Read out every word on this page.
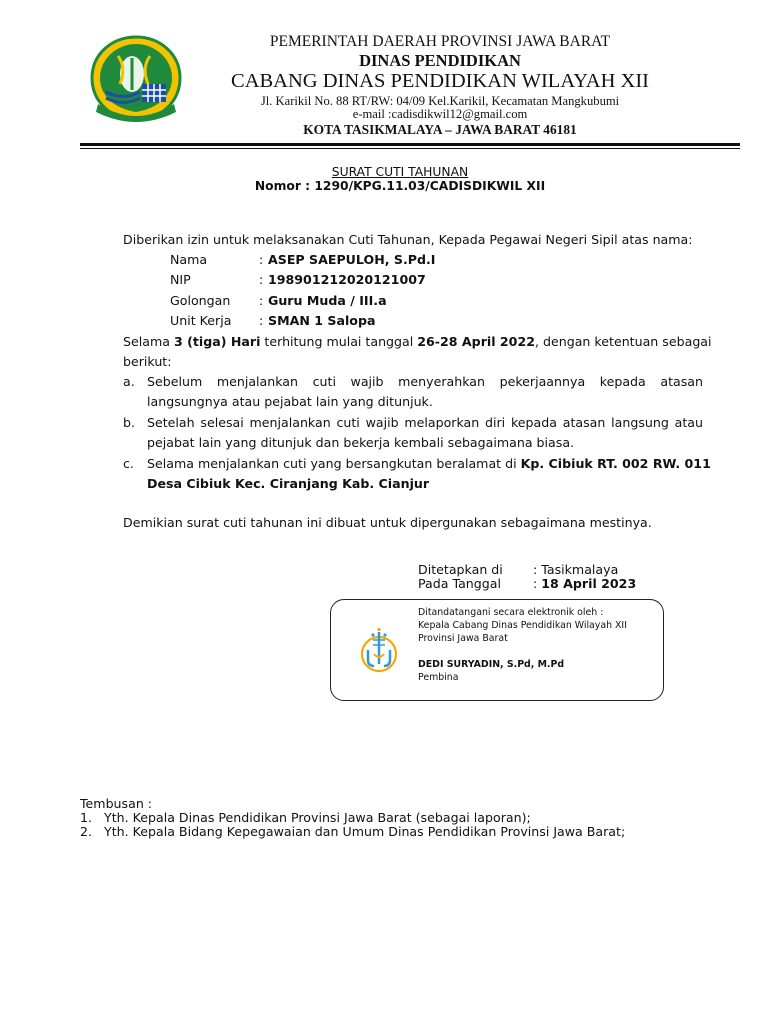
PEMERINTAH DAERAH PROVINSI JAWA BARAT
DINAS PENDIDIKAN
CABANG DINAS PENDIDIKAN WILAYAH XII
Jl. Karikil No. 88 RT/RW: 04/09 Kel.Karikil, Kecamatan Mangkubumi
e-mail :cadisdikwil12@gmail.com
KOTA TASIKMALAYA – JAWA BARAT 46181
SURAT CUTI TAHUNAN
Nomor : 1290/KPG.11.03/CADISDIKWIL XII
Diberikan izin untuk melaksanakan Cuti Tahunan, Kepada Pegawai Negeri Sipil atas nama:
Nama	: ASEP SAEPULOH, S.Pd.I
NIP	: 198901212020121007
Golongan : Guru Muda / III.a
Unit Kerja : SMAN 1 Salopa
Selama 3 (tiga) Hari terhitung mulai tanggal 26-28 April 2022, dengan ketentuan sebagai
berikut:
a. Sebelum menjalankan cuti wajib menyerahkan pekerjaannya kepada atasan
langsungnya atau pejabat lain yang ditunjuk.
b. Setelah selesai menjalankan cuti wajib melaporkan diri kepada atasan langsung atau
pejabat lain yang ditunjuk dan bekerja kembali sebagaimana biasa.
c. Selama menjalankan cuti yang bersangkutan beralamat di Kp. Cibiuk RT. 002 RW. 011
Desa Cibiuk Kec. Ciranjang Kab. Cianjur
Demikian surat cuti tahunan ini dibuat untuk dipergunakan sebagaimana mestinya.
Ditetapkan di : Tasikmalaya
Pada Tanggal	: 18 April 2023
Ditandatangani secara elektronik oleh :
Kepala Cabang Dinas Pendidikan Wilayah XII
Provinsi Jawa Barat
DEDI SURYADIN, S.Pd, M.Pd
Pembina
Tembusan :
1. Yth. Kepala Dinas Pendidikan Provinsi Jawa Barat (sebagai laporan);
2. Yth. Kepala Bidang Kepegawaian dan Umum Dinas Pendidikan Provinsi Jawa Barat;
